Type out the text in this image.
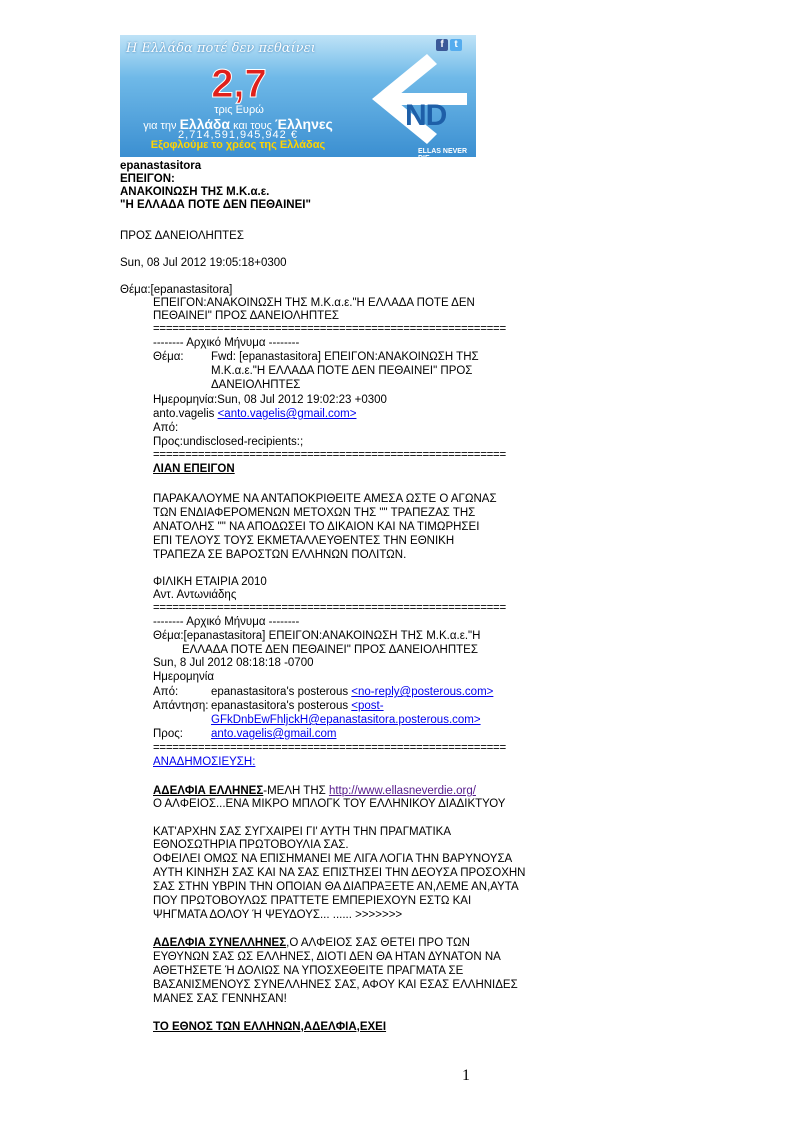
Η Ελλάδα ποτέ δεν πεθαίνει	f	t
2,7
τρις Ευρώ
για την Ελλάδα και τους Έλληνες
2,714,591,945,942 €
Εξοφλούμε το χρέος της Ελλάδας
ND
ELLAS NEVER DIE
epanastasitora
ΕΠΕΙΓΟΝ:
ΑΝΑΚΟΙΝΩΣΗ ΤΗΣ Μ.Κ.α.ε.
"Η ΕΛΛΑΔΑ ΠΟΤΕ ΔΕΝ ΠΕΘΑΙΝΕΙ"
ΠΡΟΣ ΔΑΝΕΙΟΛΗΠΤΕΣ
Sun, 08 Jul 2012 19:05:18+0300
Θέμα:[epanastasitora]
ΕΠΕΙΓΟΝ:ΑΝΑΚΟΙΝΩΣΗ ΤΗΣ Μ.Κ.α.ε."Η ΕΛΛΑΔΑ ΠΟΤΕ ΔΕΝ
ΠΕΘΑΙΝΕΙ" ΠΡΟΣ ΔΑΝΕΙΟΛΗΠΤΕΣ
=======================================================
-------- Αρχικό Μήνυμα --------
Θέμα: Fwd: [epanastasitora] ΕΠΕΙΓΟΝ:ΑΝΑΚΟΙΝΩΣΗ ΤΗΣ
Μ.Κ.α.ε."Η ΕΛΛΑΔΑ ΠΟΤΕ ΔΕΝ ΠΕΘΑΙΝΕΙ" ΠΡΟΣ
ΔΑΝΕΙΟΛΗΠΤΕΣ
Ημερομηνία:Sun, 08 Jul 2012 19:02:23 +0300
anto.vagelis <anto.vagelis@gmail.com>
Από:
Προς:undisclosed-recipients:;
=======================================================
ΛΙΑΝ ΕΠΕΙΓΟΝ
ΠΑΡΑΚΑΛΟΥΜΕ ΝΑ ΑΝΤΑΠΟΚΡΙΘΕΙΤΕ ΑΜΕΣΑ ΩΣΤΕ Ο ΑΓΩΝΑΣ
ΤΩΝ ΕΝΔΙΑΦΕΡΟΜΕΝΩΝ ΜΕΤΟΧΩΝ ΤΗΣ "" ΤΡΑΠΕΖΑΣ ΤΗΣ
ΑΝΑΤΟΛΗΣ "" ΝΑ ΑΠΟΔΩΣΕΙ ΤΟ ΔΙΚΑΙΟΝ ΚΑΙ ΝΑ ΤΙΜΩΡΗΣΕΙ
ΕΠΙ ΤΕΛΟΥΣ ΤΟΥΣ ΕΚΜΕΤΑΛΛΕΥΘΕΝΤΕΣ ΤΗΝ ΕΘΝΙΚΗ
ΤΡΑΠΕΖΑ ΣΕ ΒΑΡΟΣΤΩΝ ΕΛΛΗΝΩΝ ΠΟΛΙΤΩΝ.
ΦΙΛΙΚΗ ΕΤΑΙΡΙΑ 2010
Αντ. Αντωνιάδης
=======================================================
-------- Αρχικό Μήνυμα --------
Θέμα:[epanastasitora] ΕΠΕΙΓΟΝ:ΑΝΑΚΟΙΝΩΣΗ ΤΗΣ Μ.Κ.α.ε."Η
ΕΛΛΑΔΑ ΠΟΤΕ ΔΕΝ ΠΕΘΑΙΝΕΙ" ΠΡΟΣ ΔΑΝΕΙΟΛΗΠΤΕΣ
Sun, 8 Jul 2012 08:18:18 -0700
Ημερομηνία
Από:	epanastasitora's posterous <no-reply@posterous.com>
Απάντηση: epanastasitora's posterous <post-
GFkDnbEwFhljckH@epanastasitora.posterous.com>
Προς: anto.vagelis@gmail.com
=======================================================
ΑΝΑΔΗΜΟΣΙΕΥΣΗ:
ΑΔΕΛΦΙΑ ΕΛΛΗΝΕΣ-ΜΕΛΗ ΤΗΣ http://www.ellasneverdie.org/
Ο ΑΛΦΕΙΟΣ...ΕΝΑ ΜΙΚΡΟ ΜΠΛΟΓΚ ΤΟΥ ΕΛΛΗΝΙΚΟΥ ΔΙΑΔΙΚΤΥΟΥ
ΚΑΤ'ΑΡΧΗΝ ΣΑΣ ΣΥΓΧΑΙΡΕΙ ΓΙ' ΑΥΤΗ ΤΗΝ ΠΡΑΓΜΑΤΙΚΑ
ΕΘΝΟΣΩΤΗΡΙΑ ΠΡΩΤΟΒΟΥΛΙΑ ΣΑΣ.
ΟΦΕΙΛΕΙ ΟΜΩΣ ΝΑ ΕΠΙΣΗΜΑΝΕΙ ΜΕ ΛΙΓΑ ΛΟΓΙΑ ΤΗΝ ΒΑΡΥΝΟΥΣΑ
ΑΥΤΗ ΚΙΝΗΣΗ ΣΑΣ ΚΑΙ ΝΑ ΣΑΣ ΕΠΙΣΤΗΣΕΙ ΤΗΝ ΔΕΟΥΣΑ ΠΡΟΣΟΧΗΝ
ΣΑΣ ΣΤΗΝ ΥΒΡΙΝ ΤΗΝ ΟΠΟΙΑΝ ΘΑ ΔΙΑΠΡΑΞΕΤΕ ΑΝ,ΛΕΜΕ ΑΝ,ΑΥΤΑ
ΠΟΥ ΠΡΩΤΟΒΟΥΛΩΣ ΠΡΑΤΤΕΤΕ ΕΜΠΕΡΙΕΧΟΥΝ ΕΣΤΩ ΚΑΙ
ΨΗΓΜΑΤΑ ΔΟΛΟΥ Ή ΨΕΥΔΟΥΣ... ...... >>>>>>>
ΑΔΕΛΦΙΑ ΣΥΝΕΛΛΗΝΕΣ,Ο ΑΛΦΕΙΟΣ ΣΑΣ ΘΕΤΕΙ ΠΡΟ ΤΩΝ
ΕΥΘΥΝΩΝ ΣΑΣ ΩΣ ΕΛΛΗΝΕΣ, ΔΙΟΤΙ ΔΕΝ ΘΑ ΗΤΑΝ ΔΥΝΑΤΟΝ ΝΑ
ΑΘΕΤΗΣΕΤΕ Ή ΔΟΛΙΩΣ ΝΑ ΥΠΟΣΧΕΘΕΙΤΕ ΠΡΑΓΜΑΤΑ ΣΕ
ΒΑΣΑΝΙΣΜΕΝΟΥΣ ΣΥΝΕΛΛΗΝΕΣ ΣΑΣ, ΑΦΟΥ ΚΑΙ ΕΣΑΣ ΕΛΛΗΝΙΔΕΣ
ΜΑΝΕΣ ΣΑΣ ΓΕΝΝΗΣΑΝ!
ΤΟ ΕΘΝΟΣ ΤΩΝ ΕΛΛΗΝΩΝ,ΑΔΕΛΦΙΑ,ΕΧΕΙ
1
